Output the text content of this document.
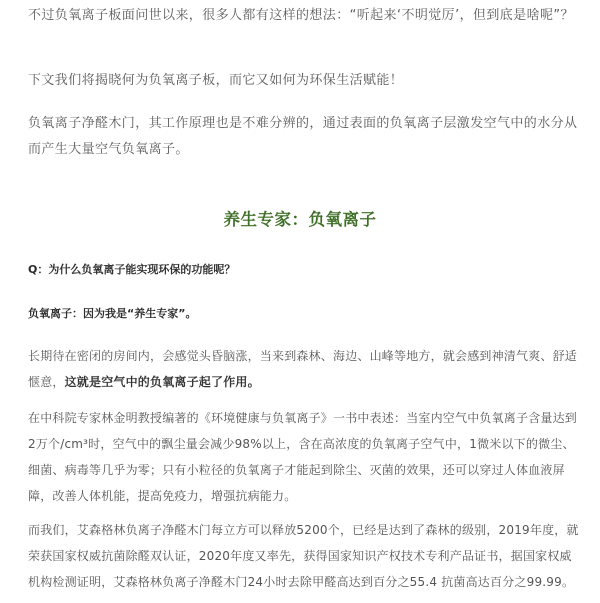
不过负氧离子板面问世以来，很多人都有这样的想法：“听起来‘不明觉厉’，但到底是啥呢”？

下文我们将揭晓何为负氧离子板，而它又如何为环保生活赋能！

负氧离子净醛木门，其工作原理也是不难分辨的，通过表面的负氧离子层激发空气中的水分从而产生大量空气负氧离子。

养生专家：负氧离子

Q：为什么负氧离子能实现环保的功能呢？

负氧离子：因为我是“养生专家”。

长期待在密闭的房间内，会感觉头昏脑涨，当来到森林、海边、山峰等地方，就会感到神清气爽、舒适惬意，这就是空气中的负氧离子起了作用。

在中科院专家林金明教授编著的《环境健康与负氧离子》一书中表述：当室内空气中负氧离子含量达到2万个/cm³时，空气中的飘尘量会减少98%以上，含在高浓度的负氧离子空气中，1微米以下的微尘、细菌、病毒等几乎为零；只有小粒径的负氧离子才能起到除尘、灭菌的效果，还可以穿过人体血液屏障，改善人体机能，提高免疫力，增强抗病能力。

而我们，艾森格林负离子净醛木门每立方可以释放5200个，已经是达到了森林的级别，2019年度，就荣获国家权威抗菌除醛双认证，2020年度又率先，获得国家知识产权技术专利产品证书，据国家权威机构检测证明，艾森格林负离子净醛木门24小时去除甲醛高达到百分之55.4 抗菌高达百分之99.99。
